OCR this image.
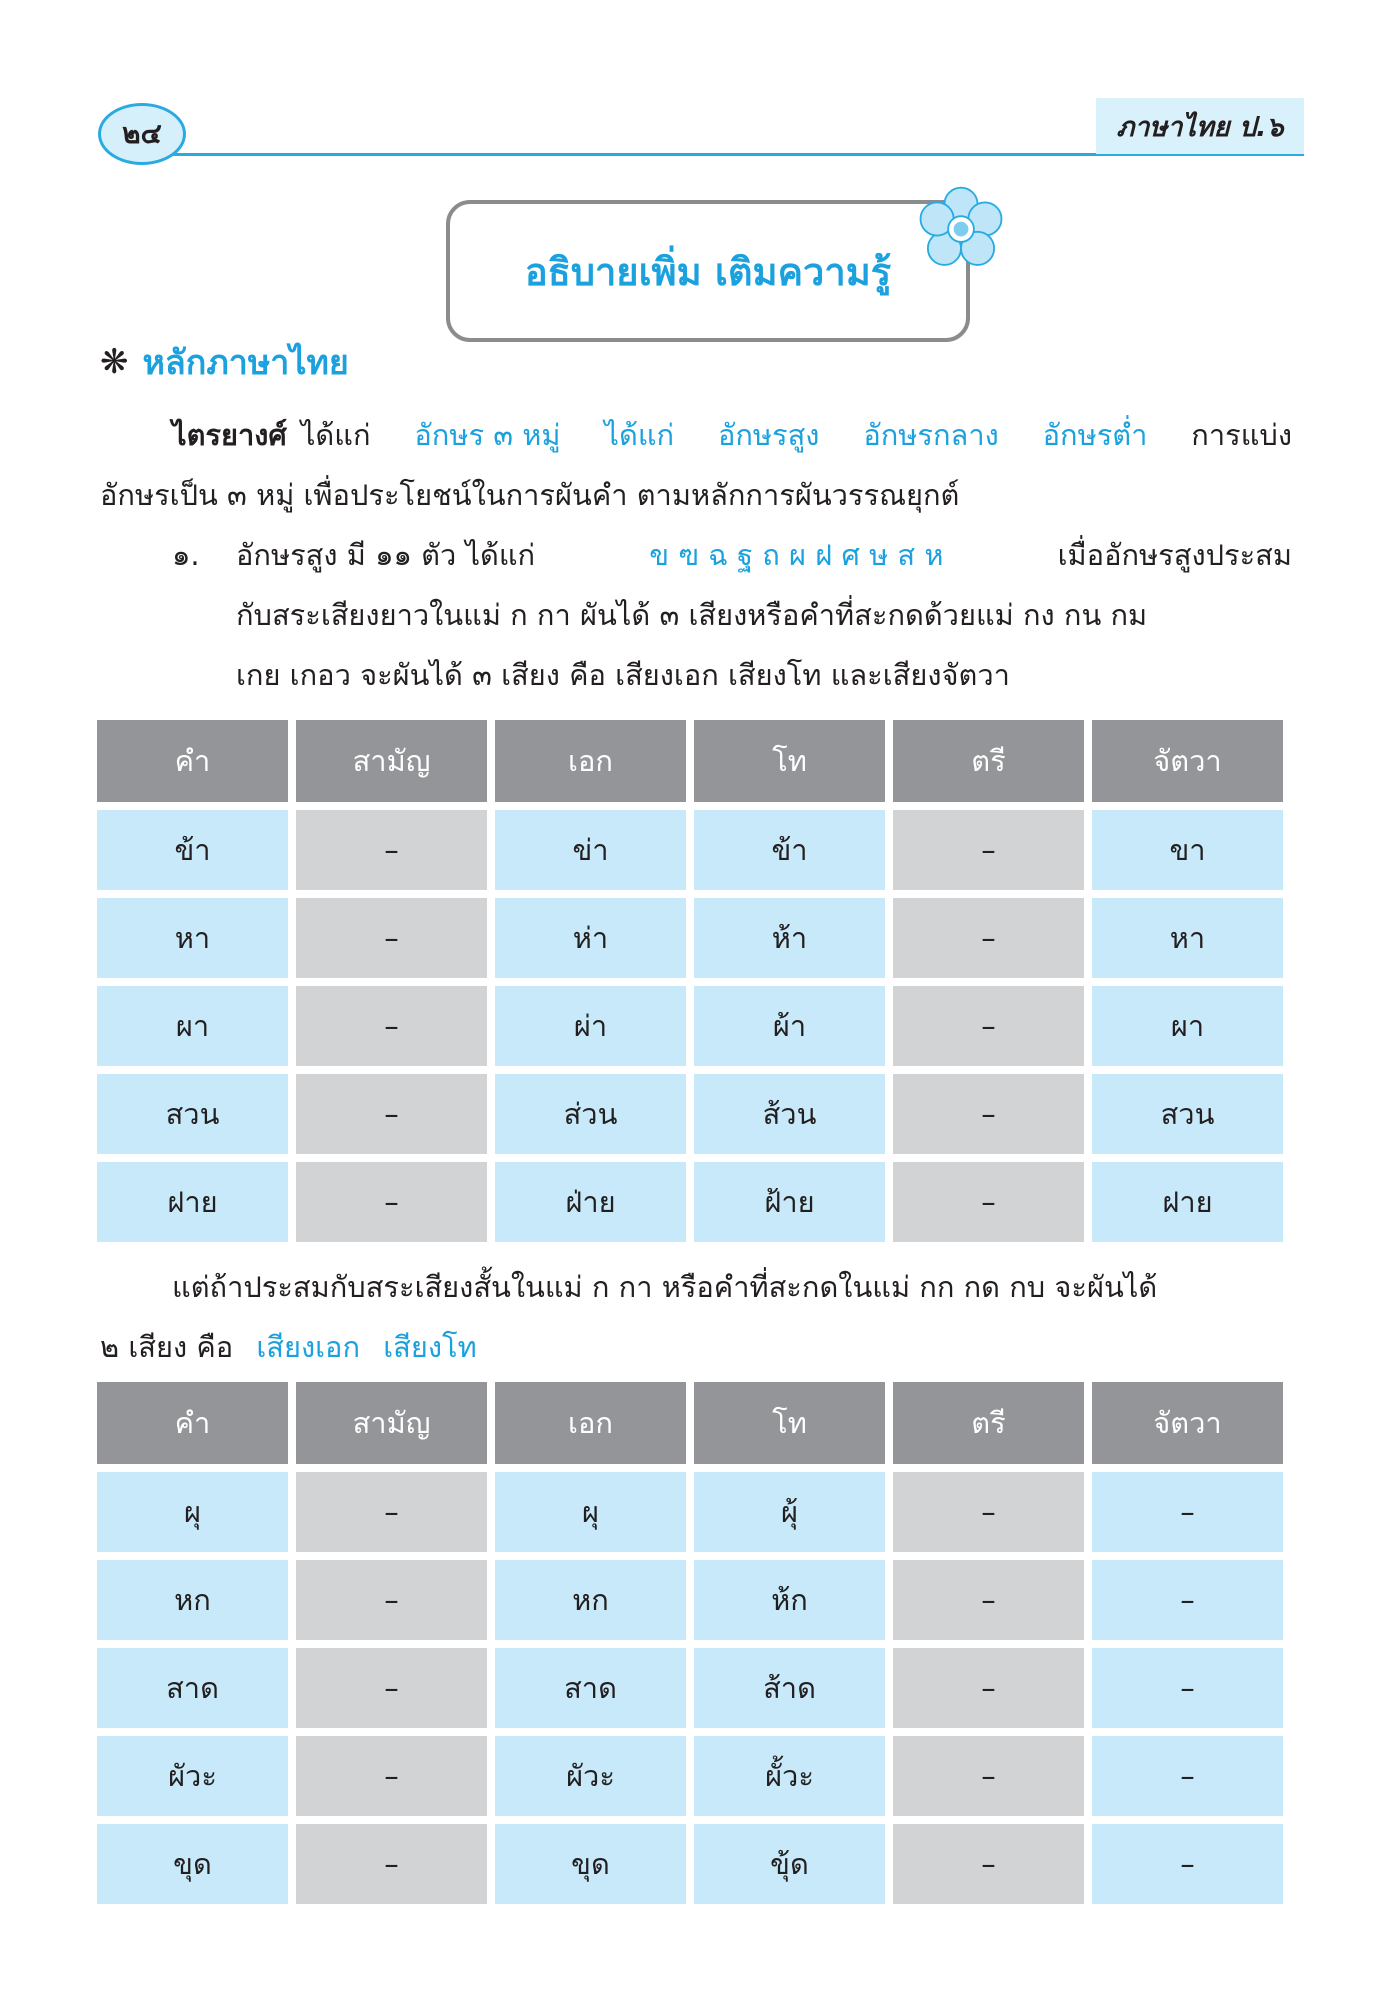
๒๔	ภาษาไทย ป.๖
อธิบายเพิ่ม เติมความรู้
❋ หลักภาษาไทย
ไตรยางศ์ ได้แก่ อักษร ๓ หมู่ ได้แก่ อักษรสูง อักษรกลาง อักษรต่ำ การแบ่ง
อักษรเป็น ๓ หมู่ เพื่อประโยชน์ในการผันคำ ตามหลักการผันวรรณยุกต์
๑. อักษรสูง มี ๑๑ ตัว ได้แก่	ข ฃ ฉ ฐ ถ ผ ฝ ศ ษ ส ห	เมื่ออักษรสูงประสม
กับสระเสียงยาวในแม่ ก กา ผันได้ ๓ เสียงหรือคำที่สะกดด้วยแม่ กง กน กม
เกย เกอว จะผันได้ ๓ เสียง คือ เสียงเอก เสียงโท และเสียงจัตวา
คำ	สามัญ	เอก	โท	ตรี	จัตวา
ข้า	–	ข่า	ข้า	–	ขา
หา	–	ห่า	ห้า	–	หา
ผา	–	ผ่า	ผ้า	–	ผา
สวน	–	ส่วน	ส้วน	–	สวน
ฝาย	–	ฝ่าย	ฝ้าย	–	ฝาย
แต่ถ้าประสมกับสระเสียงสั้นในแม่ ก กา หรือคำที่สะกดในแม่ กก กด กบ จะผันได้
๒ เสียง คือ เสียงเอก เสียงโท
คำ	สามัญ	เอก	โท	ตรี	จัตวา
ผุ	–	ผุ	ผุ้	–	–
หก	–	หก	ห้ก	–	–
สาด	–	สาด	ส้าด	–	–
ผัวะ	–	ผัวะ	ผั้วะ	–	–
ขุด	–	ขุด	ขุ้ด	–	–
